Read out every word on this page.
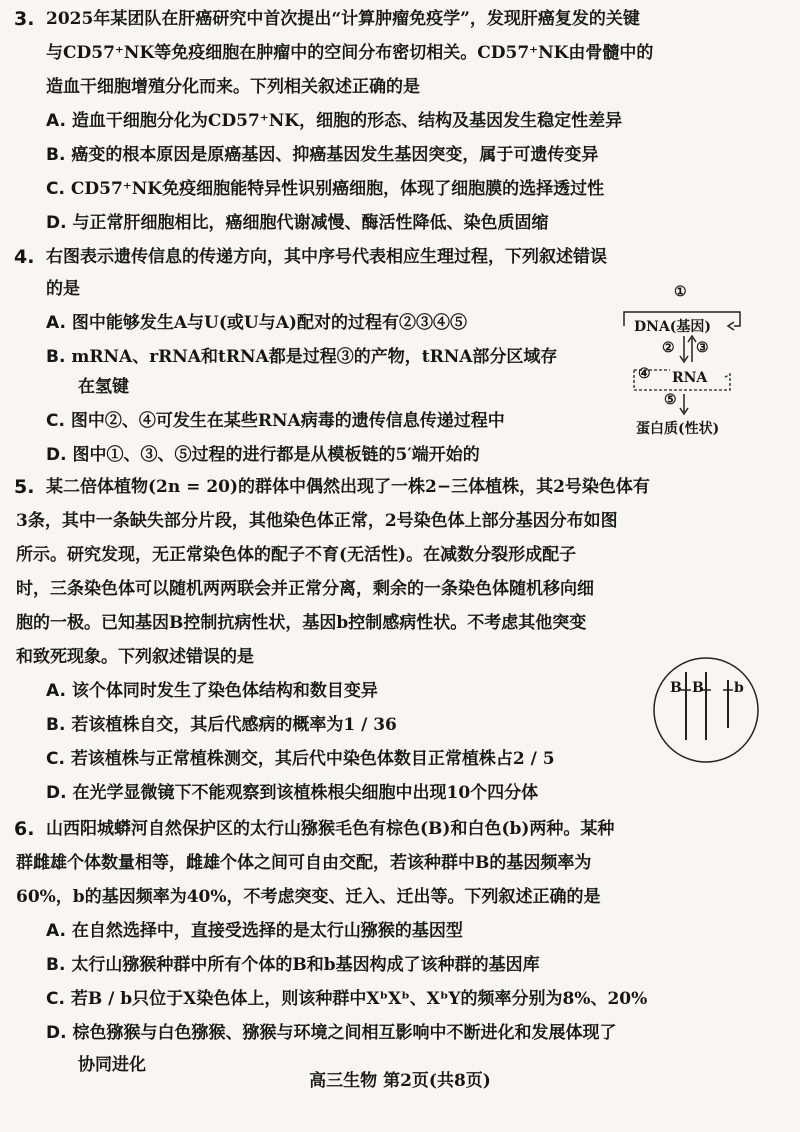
3. 2025年某团队在肝癌研究中首次提出“计算肿瘤免疫学”，发现肝癌复发的关键
与CD57⁺NK等免疫细胞在肿瘤中的空间分布密切相关。CD57⁺NK由骨髓中的
造血干细胞增殖分化而来。下列相关叙述正确的是
A. 造血干细胞分化为CD57⁺NK，细胞的形态、结构及基因发生稳定性差异
B. 癌变的根本原因是原癌基因、抑癌基因发生基因突变，属于可遗传变异
C. CD57⁺NK免疫细胞能特异性识别癌细胞，体现了细胞膜的选择透过性
D. 与正常肝细胞相比，癌细胞代谢减慢、酶活性降低、染色质固缩
4. 右图表示遗传信息的传递方向，其中序号代表相应生理过程，下列叙述错误
的是
A. 图中能够发生A与U(或U与A)配对的过程有②③④⑤
B. mRNA、rRNA和tRNA都是过程③的产物，tRNA部分区域存
在氢键
C. 图中②、④可发生在某些RNA病毒的遗传信息传递过程中
D. 图中①、③、⑤过程的进行都是从模板链的5′端开始的
①
DNA(基因)
② ③
④ RNA
⑤
蛋白质(性状)
5. 某二倍体植物(2n = 20)的群体中偶然出现了一株2−三体植株，其2号染色体有
3条，其中一条缺失部分片段，其他染色体正常，2号染色体上部分基因分布如图
所示。研究发现，无正常染色体的配子不育(无活性)。在减数分裂形成配子
时，三条染色体可以随机两两联会并正常分离，剩余的一条染色体随机移向细
胞的一极。已知基因B控制抗病性状，基因b控制感病性状。不考虑其他突变
和致死现象。下列叙述错误的是
A. 该个体同时发生了染色体结构和数目变异
B. 若该植株自交，其后代感病的概率为1 / 36
C. 若该植株与正常植株测交，其后代中染色体数目正常植株占2 / 5
D. 在光学显微镜下不能观察到该植株根尖细胞中出现10个四分体
B B b
6. 山西阳城蟒河自然保护区的太行山猕猴毛色有棕色(B)和白色(b)两种。某种
群雌雄个体数量相等，雌雄个体之间可自由交配，若该种群中B的基因频率为
60%，b的基因频率为40%，不考虑突变、迁入、迁出等。下列叙述正确的是
A. 在自然选择中，直接受选择的是太行山猕猴的基因型
B. 太行山猕猴种群中所有个体的B和b基因构成了该种群的基因库
C. 若B / b只位于X染色体上，则该种群中XᵇXᵇ、XᵇY的频率分别为8%、20%
D. 棕色猕猴与白色猕猴、猕猴与环境之间相互影响中不断进化和发展体现了
协同进化
高三生物 第2页(共8页)
